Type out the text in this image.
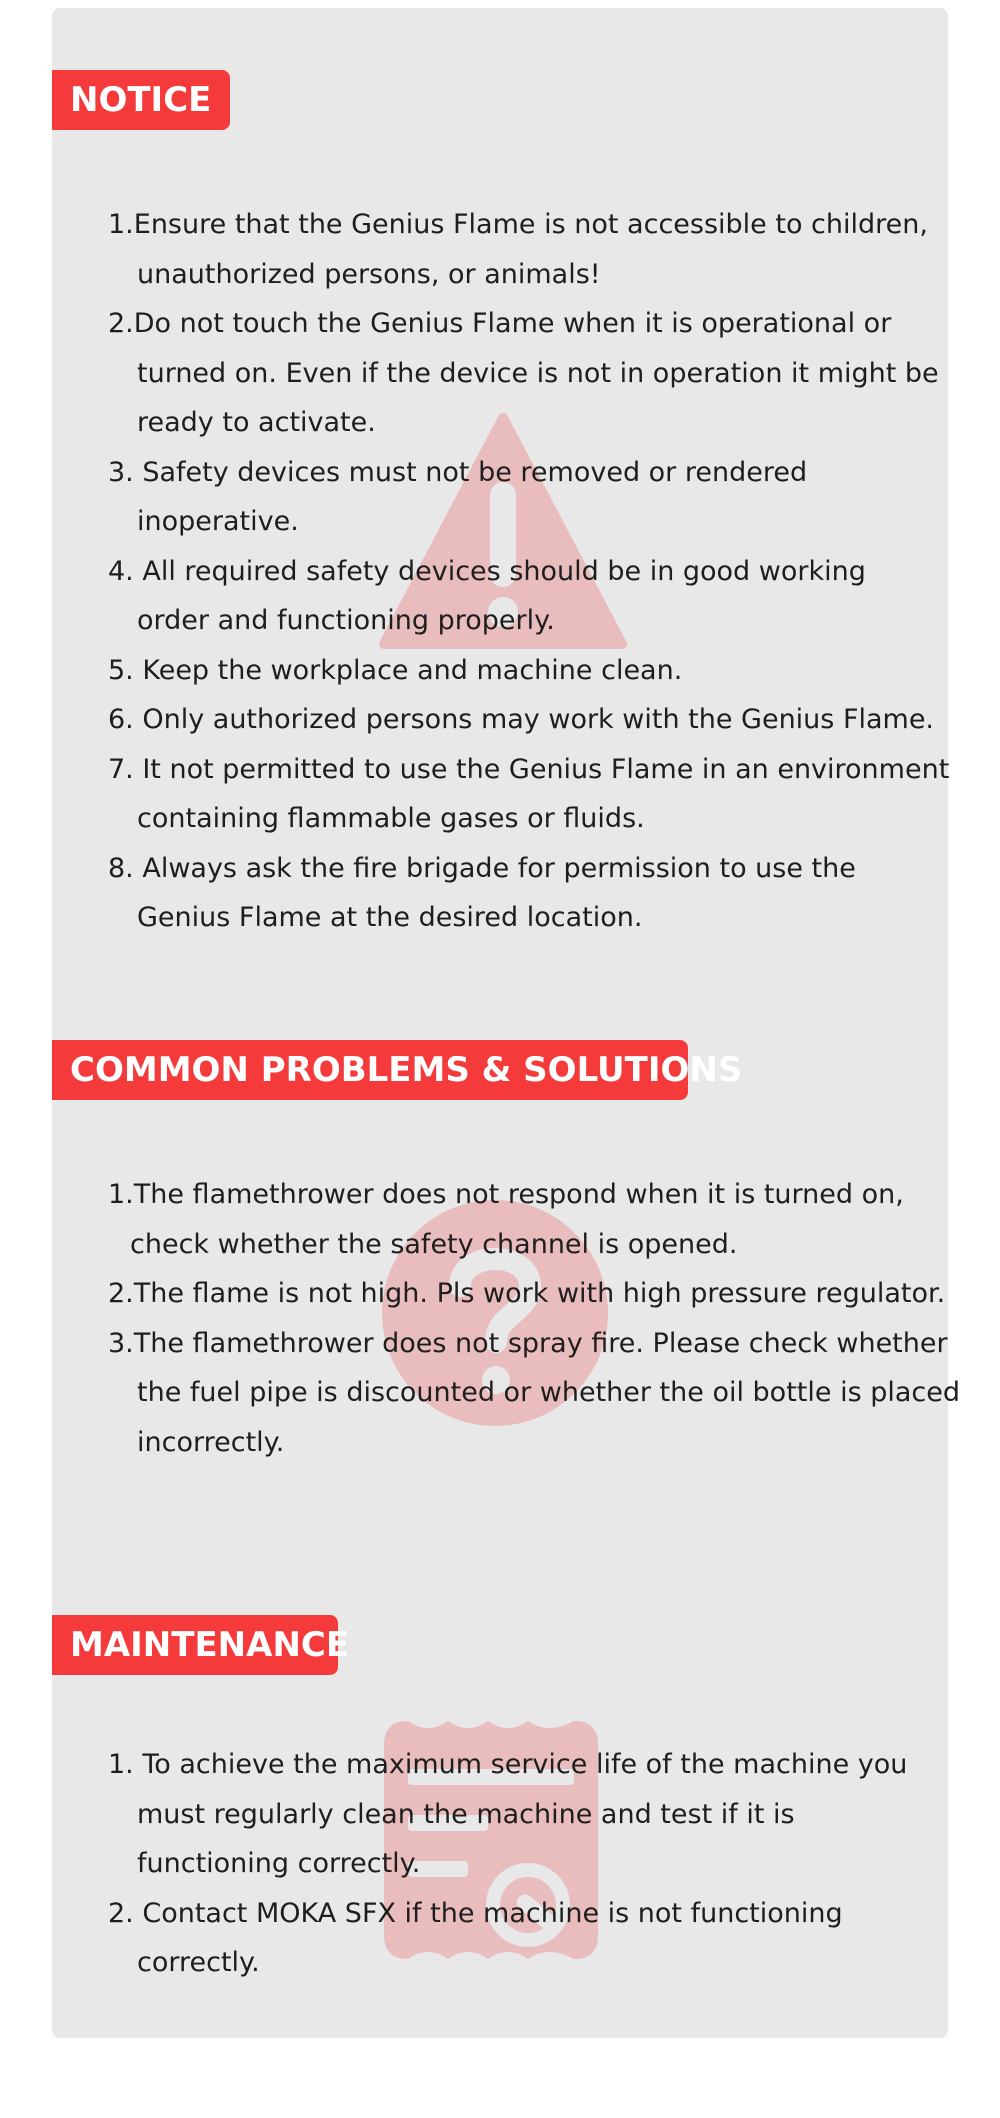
NOTICE
1.Ensure that the Genius Flame is not accessible to children,
unauthorized persons, or animals!
2.Do not touch the Genius Flame when it is operational or
turned on. Even if the device is not in operation it might be
ready to activate.
3. Safety devices must not be removed or rendered
inoperative.
4. All required safety devices should be in good working
order and functioning properly.
5. Keep the workplace and machine clean.
6. Only authorized persons may work with the Genius Flame.
7. It not permitted to use the Genius Flame in an environment
containing flammable gases or fluids.
8. Always ask the fire brigade for permission to use the
Genius Flame at the desired location.
COMMON PROBLEMS & SOLUTIONS
1.The flamethrower does not respond when it is turned on,
check whether the safety channel is opened.
2.The flame is not high. Pls work with high pressure regulator.
3.The flamethrower does not spray fire. Please check whether
the fuel pipe is discounted or whether the oil bottle is placed
incorrectly.
MAINTENANCE
1. To achieve the maximum service life of the machine you
must regularly clean the machine and test if it is
functioning correctly.
2. Contact MOKA SFX if the machine is not functioning
correctly.
